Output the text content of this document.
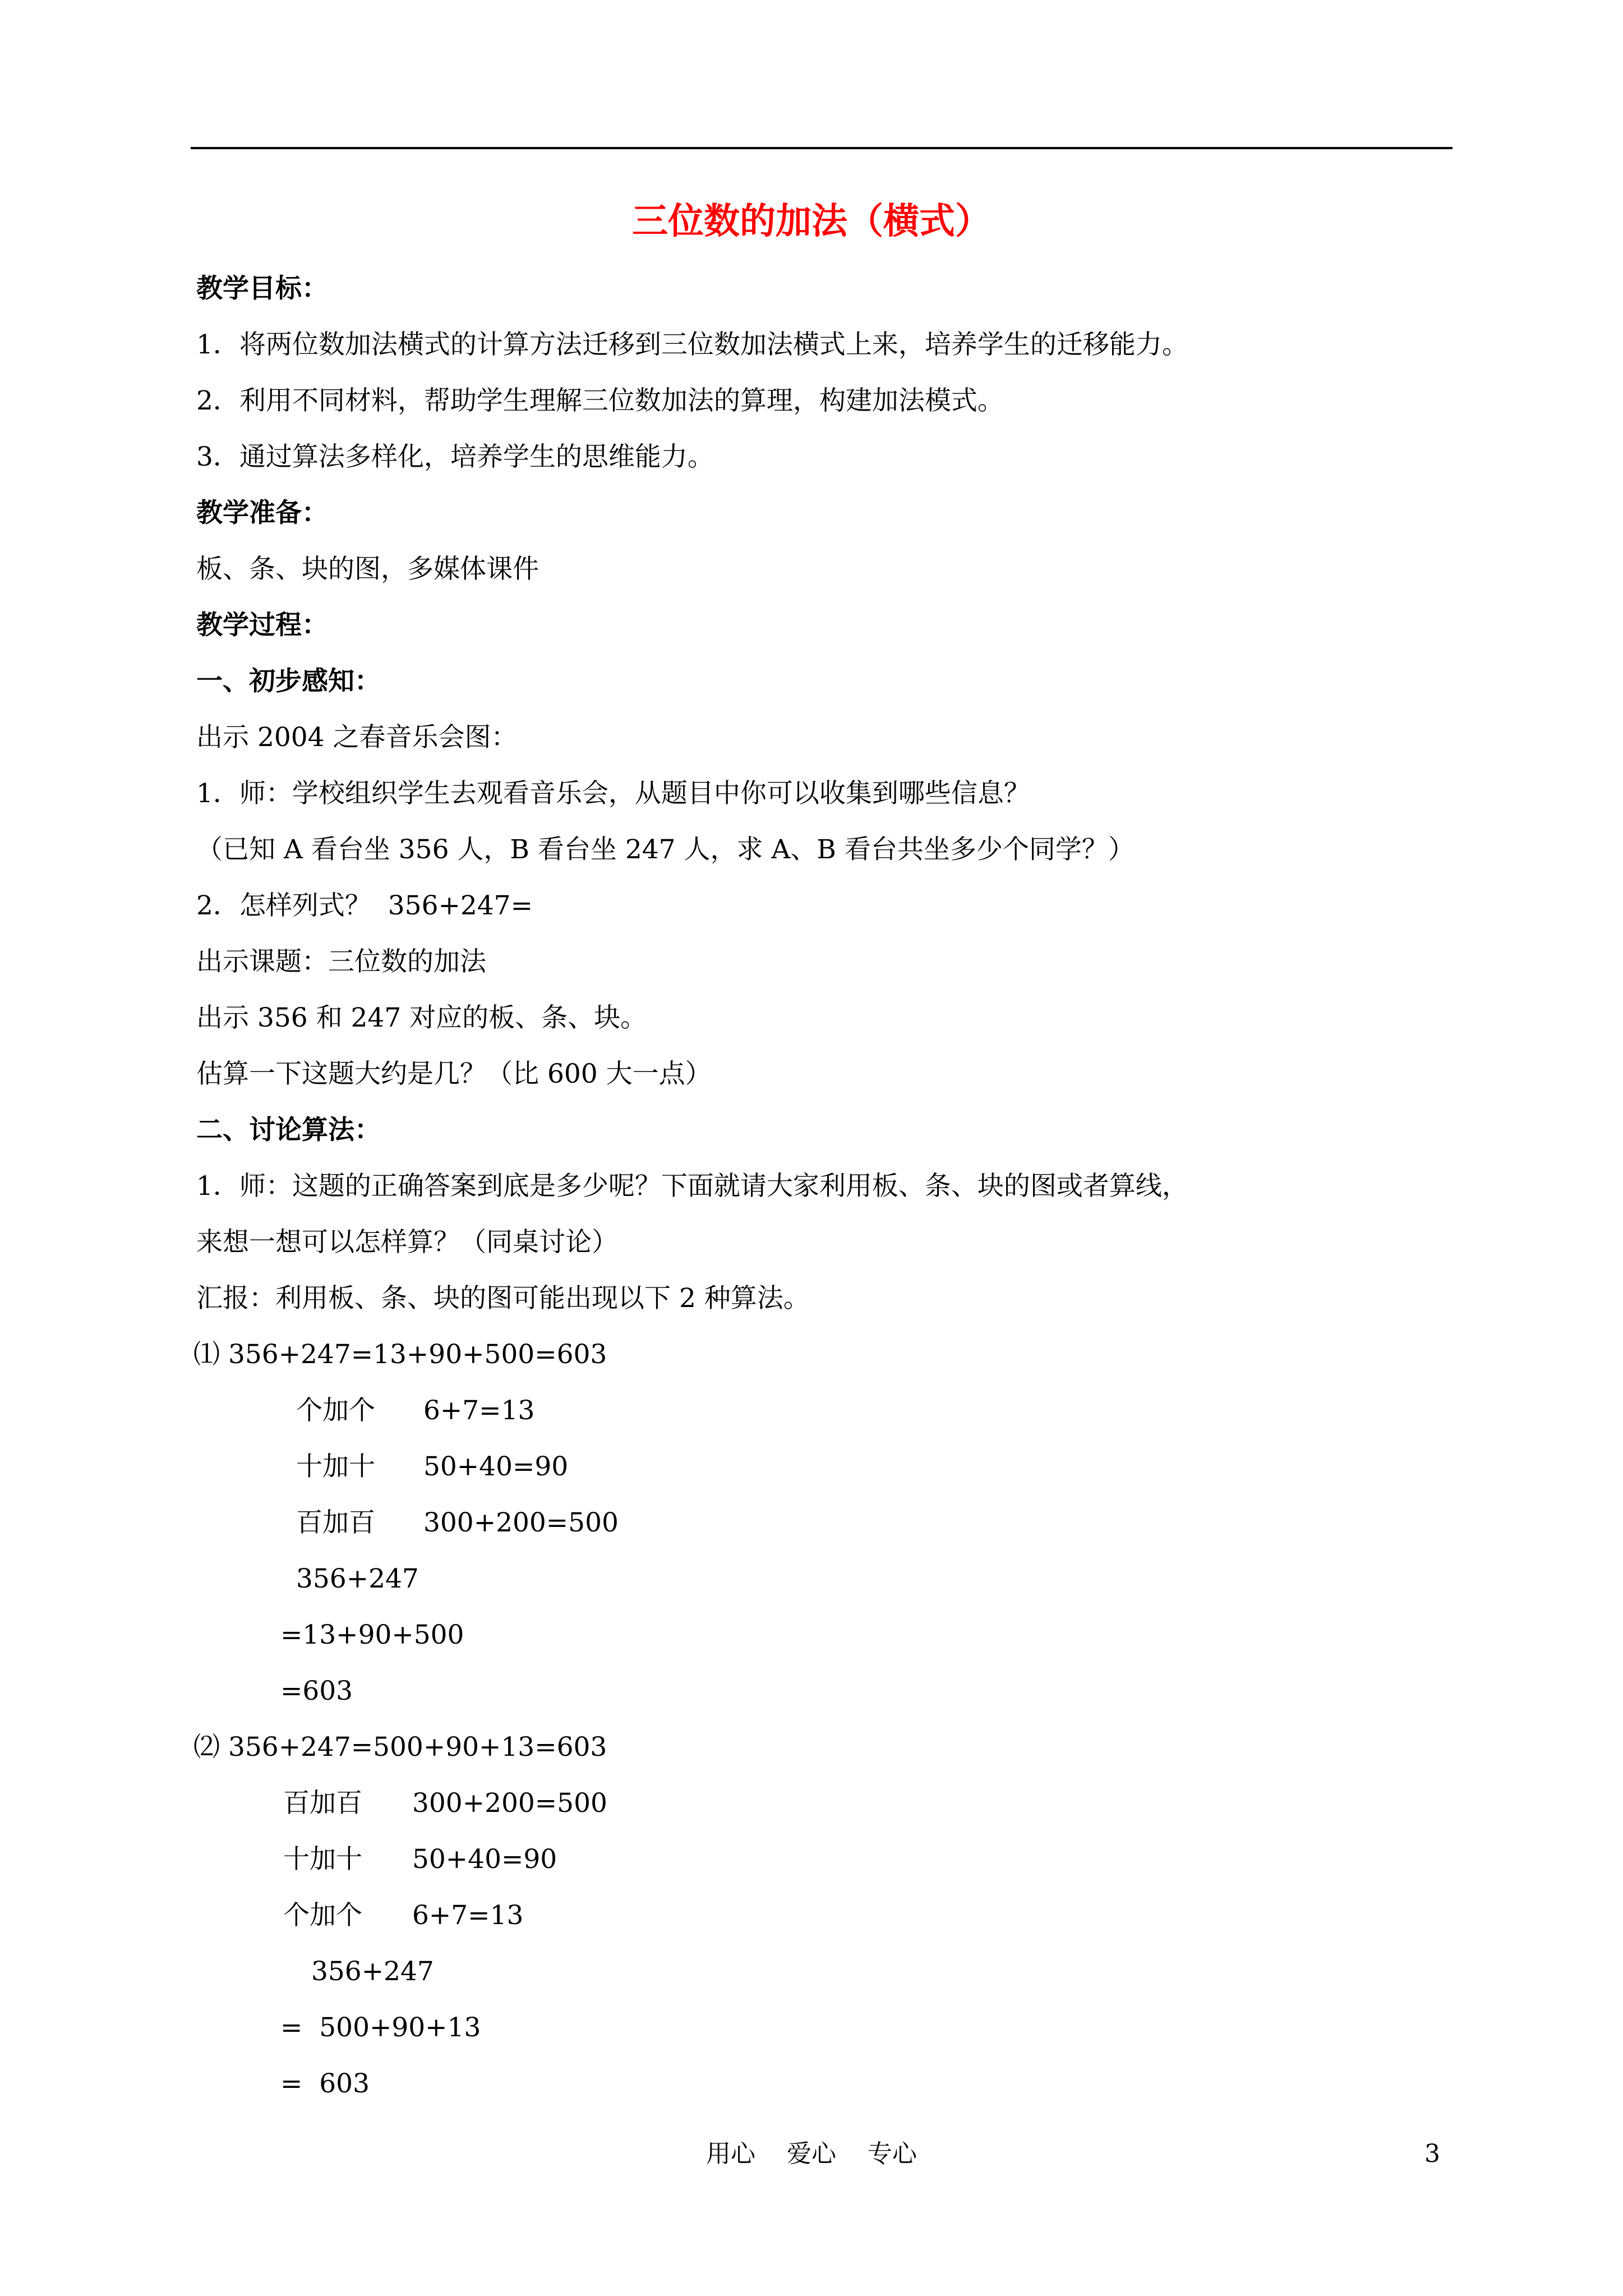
三位数的加法（横式）
教学目标：
1．将两位数加法横式的计算方法迁移到三位数加法横式上来，培养学生的迁移能力。
2．利用不同材料，帮助学生理解三位数加法的算理，构建加法模式。
3．通过算法多样化，培养学生的思维能力。
教学准备：
板、条、块的图，多媒体课件
教学过程：
一、初步感知：
出示 2004 之春音乐会图：
1．师：学校组织学生去观看音乐会，从题目中你可以收集到哪些信息？
（已知 A 看台坐 356 人，B 看台坐 247 人，求 A、B 看台共坐多少个同学？）
2．怎样列式？  356+247=
出示课题：三位数的加法
出示 356 和 247 对应的板、条、块。
估算一下这题大约是几？（比 600 大一点）
二、讨论算法：
1．师：这题的正确答案到底是多少呢？下面就请大家利用板、条、块的图或者算线，
来想一想可以怎样算？（同桌讨论）
汇报：利用板、条、块的图可能出现以下 2 种算法。
⑴ 356+247=13+90+500=603
个加个 6+7=13
十加十 50+40=90
百加百 300+200=500
356+247
=13+90+500
=603
⑵ 356+247=500+90+13=603
百加百 300+200=500
十加十 50+40=90
个加个 6+7=13
356+247
=  500+90+13
=  603
用心    爱心    专心	3
